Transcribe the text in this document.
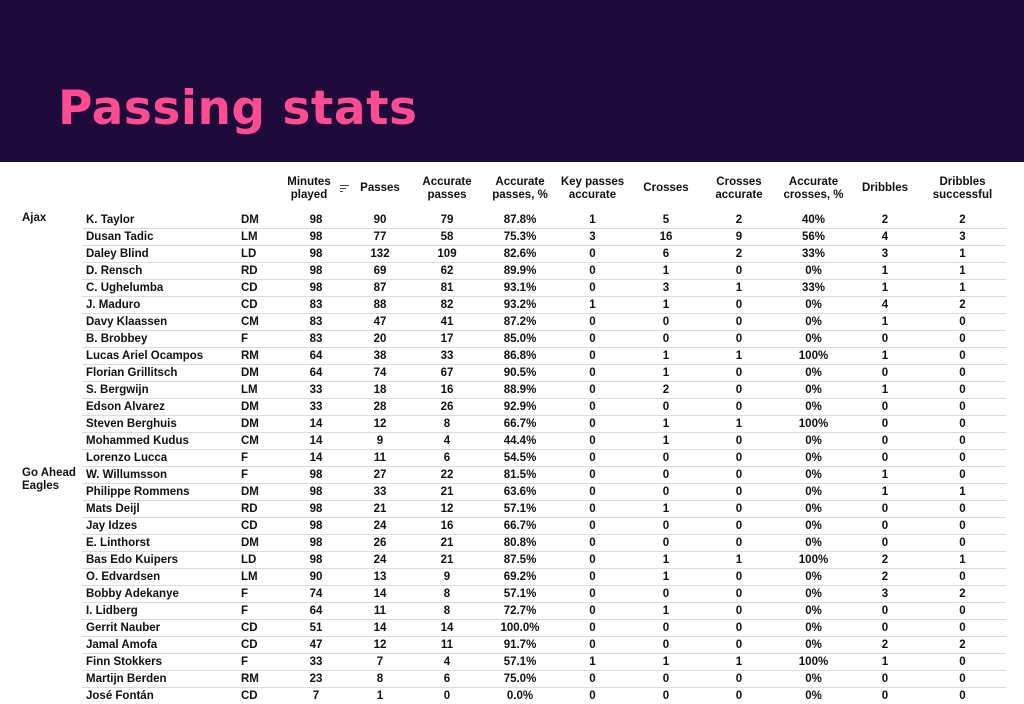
Passing stats

			Minutes played	Passes	Accurate passes	Accurate passes, %	Key passes accurate	Crosses	Crosses accurate	Accurate crosses, %	Dribbles	Dribbles successful
Ajax	K. Taylor	DM	98	90	79	87.8%	1	5	2	40%	2	2
	Dusan Tadic	LM	98	77	58	75.3%	3	16	9	56%	4	3
	Daley Blind	LD	98	132	109	82.6%	0	6	2	33%	3	1
	D. Rensch	RD	98	69	62	89.9%	0	1	0	0%	1	1
	C. Ughelumba	CD	98	87	81	93.1%	0	3	1	33%	1	1
	J. Maduro	CD	83	88	82	93.2%	1	1	0	0%	4	2
	Davy Klaassen	CM	83	47	41	87.2%	0	0	0	0%	1	0
	B. Brobbey	F	83	20	17	85.0%	0	0	0	0%	0	0
	Lucas Ariel Ocampos	RM	64	38	33	86.8%	0	1	1	100%	1	0
	Florian Grillitsch	DM	64	74	67	90.5%	0	1	0	0%	0	0
	S. Bergwijn	LM	33	18	16	88.9%	0	2	0	0%	1	0
	Edson Alvarez	DM	33	28	26	92.9%	0	0	0	0%	0	0
	Steven Berghuis	DM	14	12	8	66.7%	0	1	1	100%	0	0
	Mohammed Kudus	CM	14	9	4	44.4%	0	1	0	0%	0	0
	Lorenzo Lucca	F	14	11	6	54.5%	0	0	0	0%	0	0
Go Ahead Eagles	W. Willumsson	F	98	27	22	81.5%	0	0	0	0%	1	0
	Philippe Rommens	DM	98	33	21	63.6%	0	0	0	0%	1	1
	Mats Deijl	RD	98	21	12	57.1%	0	1	0	0%	0	0
	Jay Idzes	CD	98	24	16	66.7%	0	0	0	0%	0	0
	E. Linthorst	DM	98	26	21	80.8%	0	0	0	0%	0	0
	Bas Edo Kuipers	LD	98	24	21	87.5%	0	1	1	100%	2	1
	O. Edvardsen	LM	90	13	9	69.2%	0	1	0	0%	2	0
	Bobby Adekanye	F	74	14	8	57.1%	0	0	0	0%	3	2
	I. Lidberg	F	64	11	8	72.7%	0	1	0	0%	0	0
	Gerrit Nauber	CD	51	14	14	100.0%	0	0	0	0%	0	0
	Jamal Amofa	CD	47	12	11	91.7%	0	0	0	0%	2	2
	Finn Stokkers	F	33	7	4	57.1%	1	1	1	100%	1	0
	Martijn Berden	RM	23	8	6	75.0%	0	0	0	0%	0	0
	José Fontán	CD	7	1	0	0.0%	0	0	0	0%	0	0
